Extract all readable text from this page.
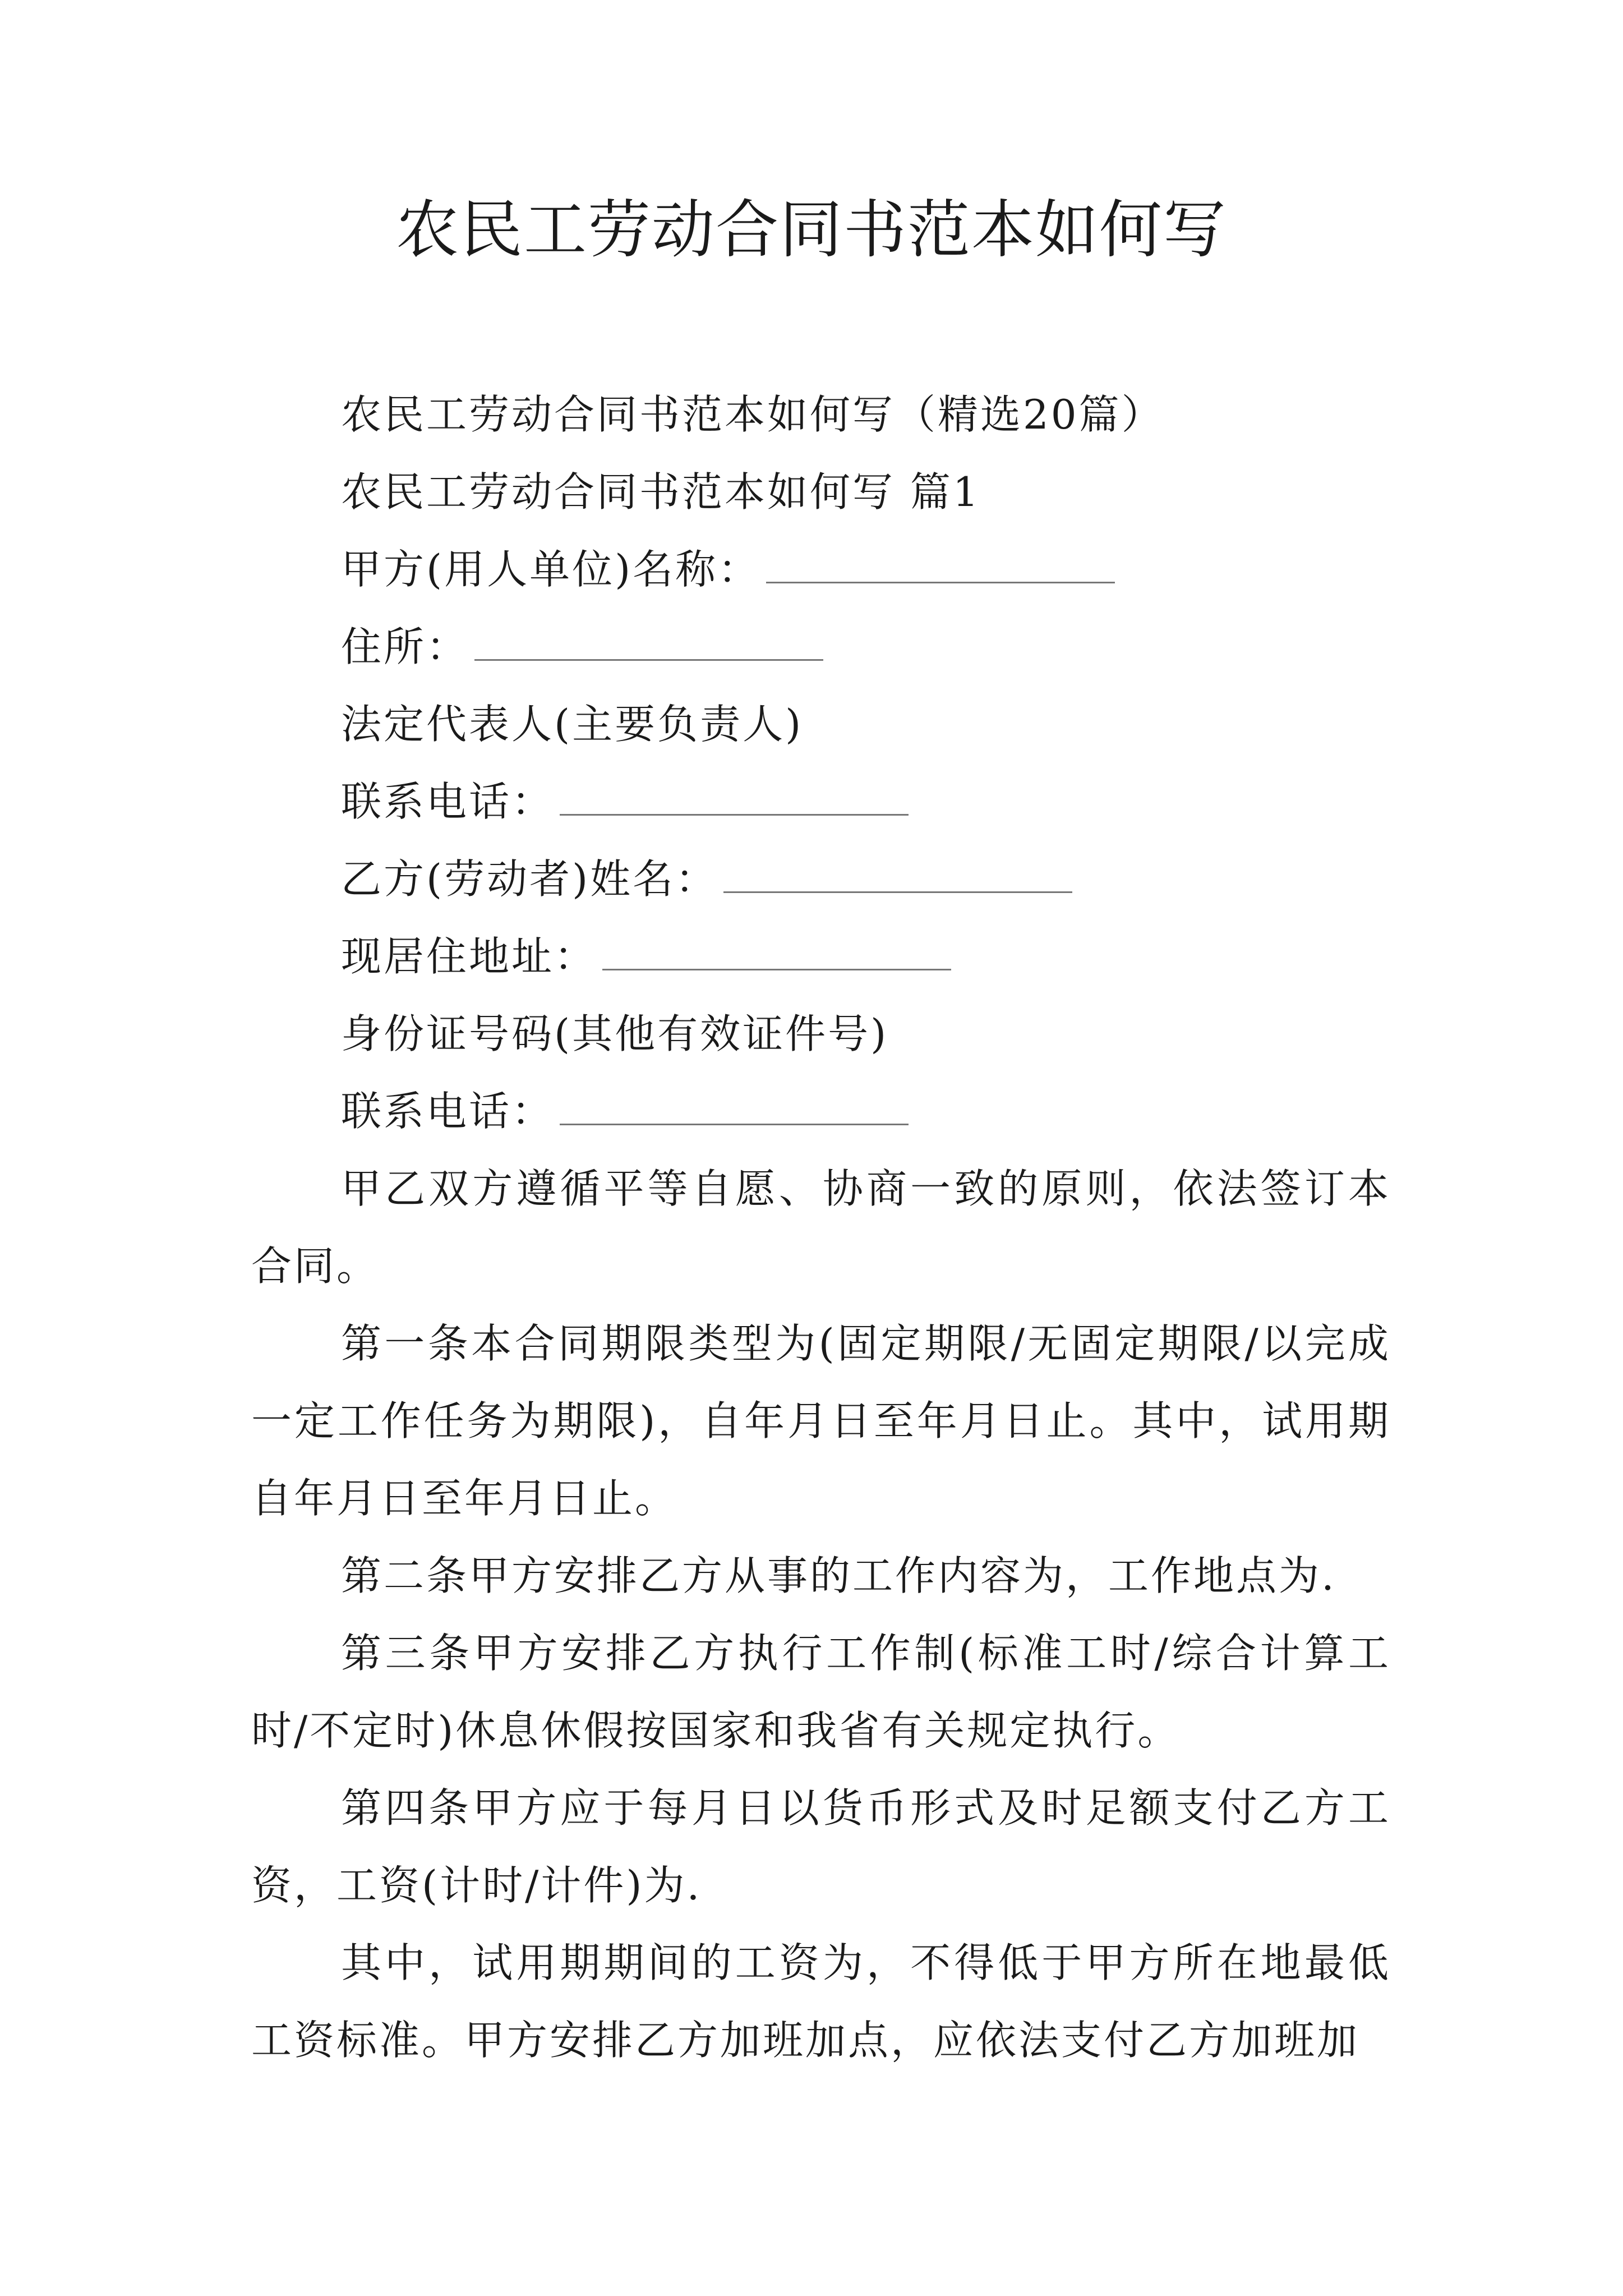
农民工劳动合同书范本如何写
农民工劳动合同书范本如何写（精选20篇）
农民工劳动合同书范本如何写 篇1
甲方(用人单位)名称：
住所：
法定代表人(主要负责人)
联系电话：
乙方(劳动者)姓名：
现居住地址：
身份证号码(其他有效证件号)
联系电话：

甲乙双方遵循平等自愿、协商一致的原则，依法签订本合同。

第一条本合同期限类型为(固定期限/无固定期限/以完成一定工作任务为期限)，自年月日至年月日止。其中，试用期自年月日至年月日止。

第二条甲方安排乙方从事的工作内容为，工作地点为.

第三条甲方安排乙方执行工作制(标准工时/综合计算工时/不定时)休息休假按国家和我省有关规定执行。

第四条甲方应于每月日以货币形式及时足额支付乙方工资，工资(计时/计件)为.

其中，试用期期间的工资为，不得低于甲方所在地最低工资标准。甲方安排乙方加班加点，应依法支付乙方加班加
